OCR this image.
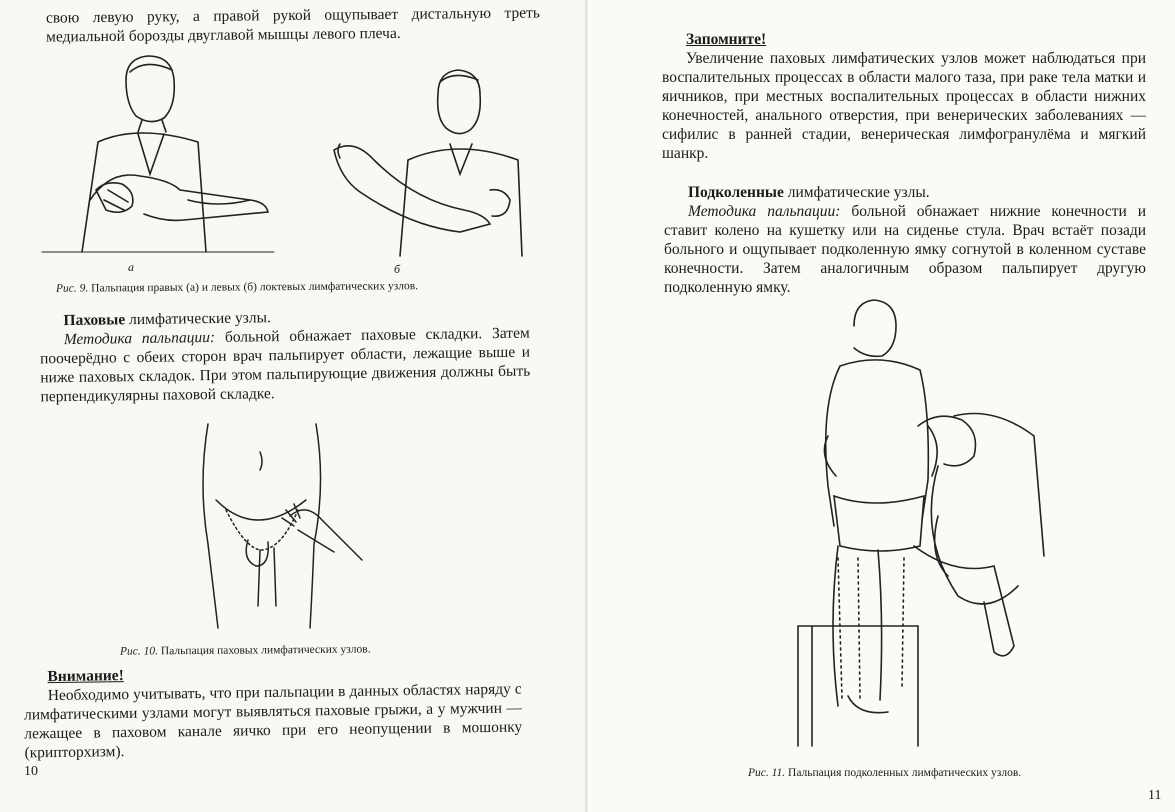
свою левую руку, а правой рукой ощупывает дистальную треть медиальной борозды двуглавой мышцы левого плеча.

а	б
Рис. 9. Пальпация правых (а) и левых (б) локтевых лимфатических узлов.

Паховые лимфатические узлы.

Методика пальпации: больной обнажает паховые складки. Затем поочерёдно с обеих сторон врач пальпирует области, лежащие выше и ниже паховых складок. При этом пальпирующие движения должны быть перпендикулярны паховой складке.

Рис. 10. Пальпация паховых лимфатических узлов.

Внимание!

Необходимо учитывать, что при пальпации в данных областях наряду с лимфатическими узлами могут выявляться паховые грыжи, а у мужчин — лежащее в паховом канале яичко при его неопущении в мошонку (крипторхизм).

10

Запомните!

Увеличение паховых лимфатических узлов может наблюдаться при воспалительных процессах в области малого таза, при раке тела матки и яичников, при местных воспалительных процессах в области нижних конечностей, анального отверстия, при венерических заболеваниях — сифилис в ранней стадии, венерическая лимфогранулёма и мягкий шанкр.

Подколенные лимфатические узлы.

Методика пальпации: больной обнажает нижние конечности и ставит колено на кушетку или на сиденье стула. Врач встаёт позади больного и ощупывает подколенную ямку согнутой в коленном суставе конечности. Затем аналогичным образом пальпирует другую подколенную ямку.

Рис. 11. Пальпация подколенных лимфатических узлов.
11
